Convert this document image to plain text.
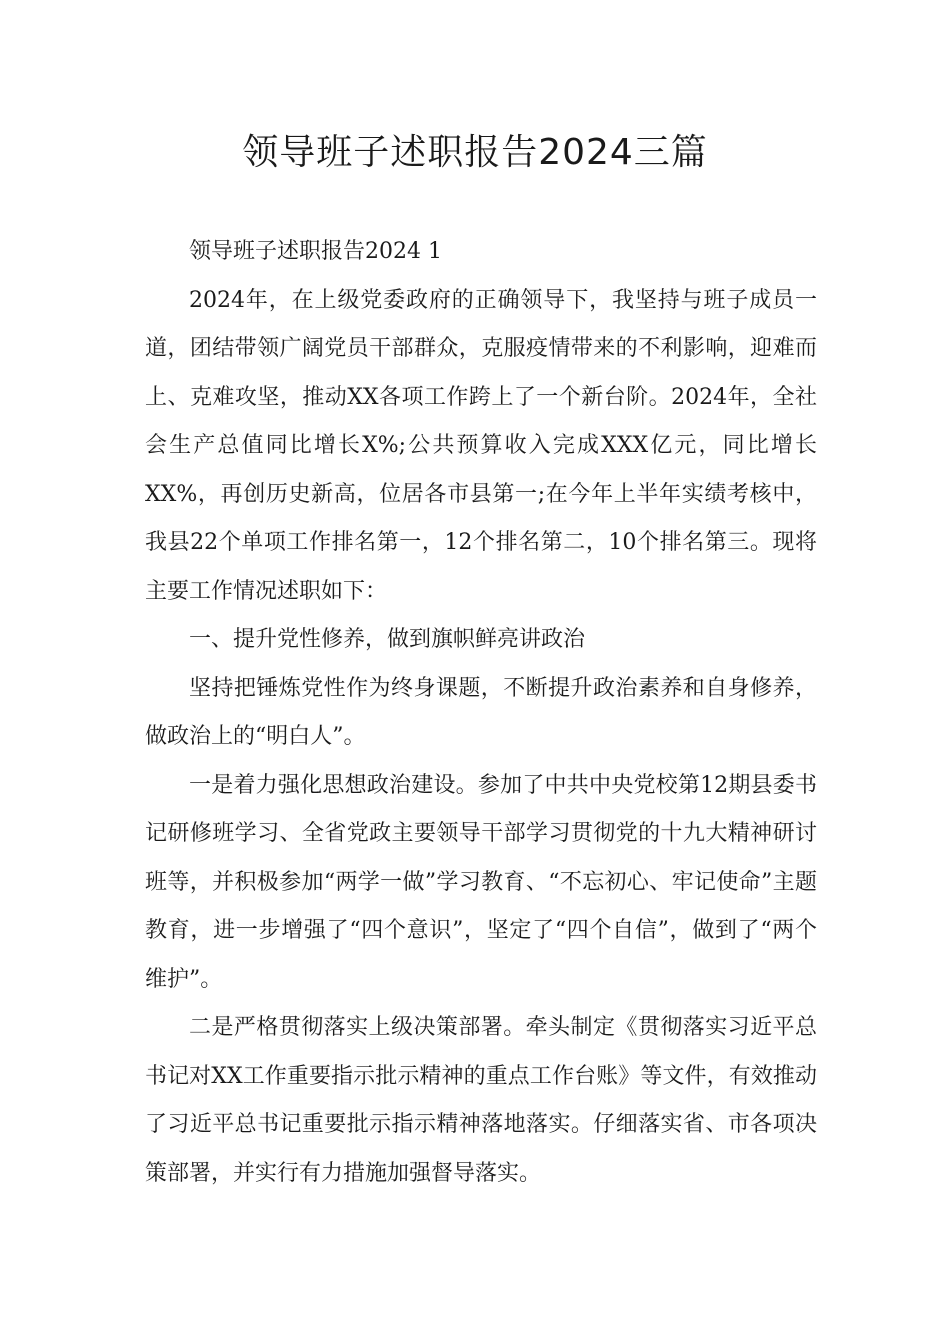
领导班子述职报告2024三篇

领导班子述职报告2024 1

2024年，在上级党委政府的正确领导下，我坚持与班子成员一道，团结带领广阔党员干部群众，克服疫情带来的不利影响，迎难而上、克难攻坚，推动XX各项工作跨上了一个新台阶。2024年，全社会生产总值同比增长X%;公共预算收入完成XXX亿元，同比增长XX%，再创历史新高，位居各市县第一;在今年上半年实绩考核中，我县22个单项工作排名第一，12个排名第二，10个排名第三。现将主要工作情况述职如下：

一、提升党性修养，做到旗帜鲜亮讲政治

坚持把锤炼党性作为终身课题，不断提升政治素养和自身修养，做政治上的“明白人”。

一是着力强化思想政治建设。参加了中共中央党校第12期县委书记研修班学习、全省党政主要领导干部学习贯彻党的十九大精神研讨班等，并积极参加“两学一做”学习教育、“不忘初心、牢记使命”主题教育，进一步增强了“四个意识”，坚定了“四个自信”，做到了“两个维护”。

二是严格贯彻落实上级决策部署。牵头制定《贯彻落实习近平总书记对XX工作重要指示批示精神的重点工作台账》等文件，有效推动了习近平总书记重要批示指示精神落地落实。仔细落实省、市各项决策部署，并实行有力措施加强督导落实。
